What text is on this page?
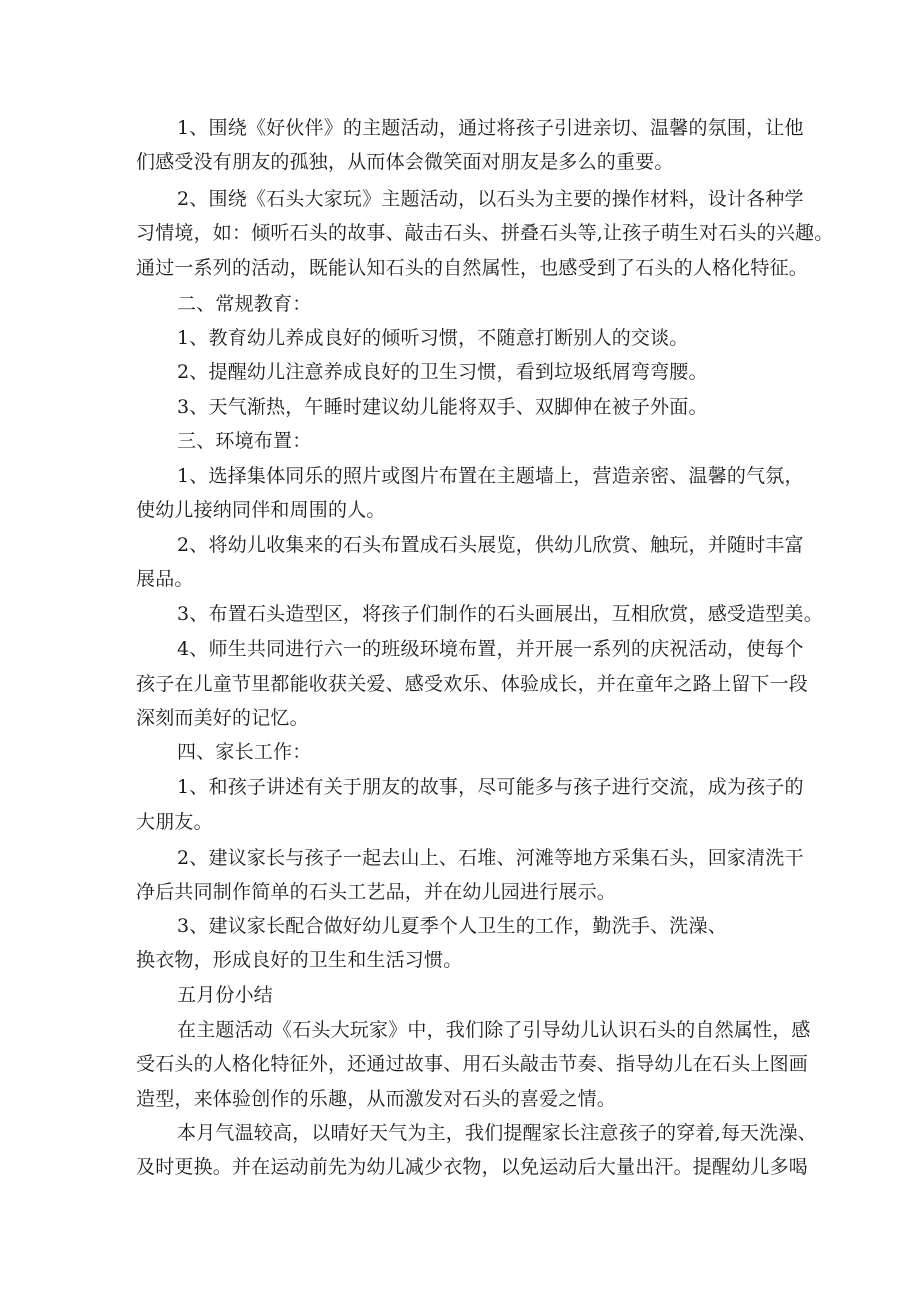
1、围绕《好伙伴》的主题活动，通过将孩子引进亲切、温馨的氛围，让他
们感受没有朋友的孤独，从而体会微笑面对朋友是多么的重要。
2、围绕《石头大家玩》主题活动，以石头为主要的操作材料，设计各种学
习情境，如：倾听石头的故事、敲击石头、拼叠石头等,让孩子萌生对石头的兴趣。
通过一系列的活动，既能认知石头的自然属性，也感受到了石头的人格化特征。
二、常规教育：
1、教育幼儿养成良好的倾听习惯，不随意打断别人的交谈。
2、提醒幼儿注意养成良好的卫生习惯，看到垃圾纸屑弯弯腰。
3、天气渐热，午睡时建议幼儿能将双手、双脚伸在被子外面。
三、环境布置：
1、选择集体同乐的照片或图片布置在主题墙上，营造亲密、温馨的气氛，
使幼儿接纳同伴和周围的人。
2、将幼儿收集来的石头布置成石头展览，供幼儿欣赏、触玩，并随时丰富
展品。
3、布置石头造型区，将孩子们制作的石头画展出，互相欣赏，感受造型美。
4、师生共同进行六一的班级环境布置，并开展一系列的庆祝活动，使每个
孩子在儿童节里都能收获关爱、感受欢乐、体验成长，并在童年之路上留下一段
深刻而美好的记忆。
四、家长工作：
1、和孩子讲述有关于朋友的故事，尽可能多与孩子进行交流，成为孩子的
大朋友。
2、建议家长与孩子一起去山上、石堆、河滩等地方采集石头，回家清洗干
净后共同制作简单的石头工艺品，并在幼儿园进行展示。
3、建议家长配合做好幼儿夏季个人卫生的工作，勤洗手、洗澡、
换衣物，形成良好的卫生和生活习惯。
五月份小结
在主题活动《石头大玩家》中，我们除了引导幼儿认识石头的自然属性，感
受石头的人格化特征外，还通过故事、用石头敲击节奏、指导幼儿在石头上图画
造型，来体验创作的乐趣，从而激发对石头的喜爱之情。
本月气温较高，以晴好天气为主，我们提醒家长注意孩子的穿着,每天洗澡、
及时更换。并在运动前先为幼儿减少衣物，以免运动后大量出汗。提醒幼儿多喝
